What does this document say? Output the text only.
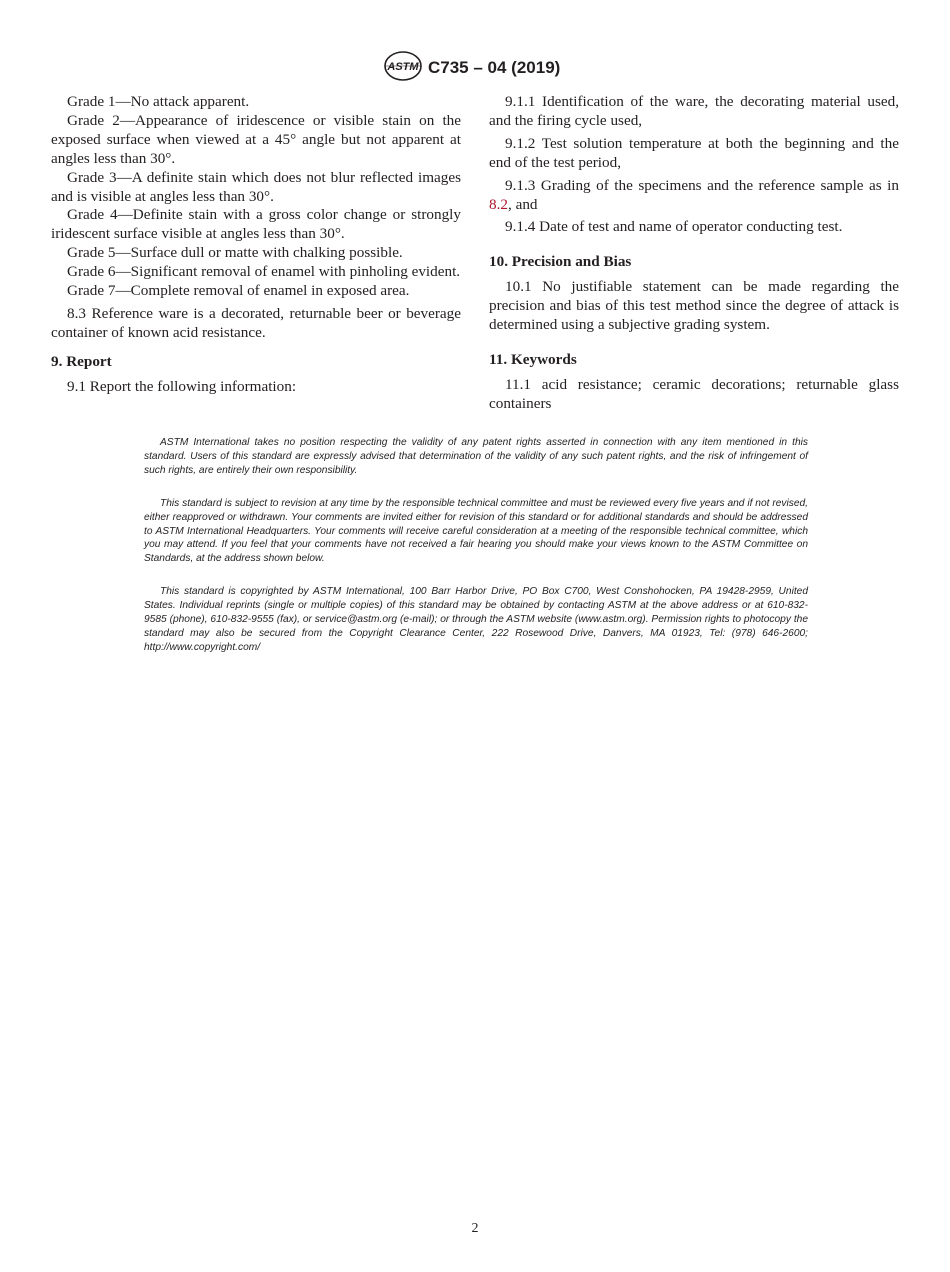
ASTM C735 – 04 (2019)

Grade 1—No attack apparent.

Grade 2—Appearance of iridescence or visible stain on the exposed surface when viewed at a 45° angle but not apparent at angles less than 30°.

Grade 3—A definite stain which does not blur reflected images and is visible at angles less than 30°.

Grade 4—Definite stain with a gross color change or strongly iridescent surface visible at angles less than 30°.

Grade 5—Surface dull or matte with chalking possible.

Grade 6—Significant removal of enamel with pinholing evident.

Grade 7—Complete removal of enamel in exposed area.

8.3 Reference ware is a decorated, returnable beer or beverage container of known acid resistance.

9. Report

9.1 Report the following information:

9.1.1 Identification of the ware, the decorating material used, and the firing cycle used,

9.1.2 Test solution temperature at both the beginning and the end of the test period,

9.1.3 Grading of the specimens and the reference sample as in 8.2, and

9.1.4 Date of test and name of operator conducting test.

10. Precision and Bias

10.1 No justifiable statement can be made regarding the precision and bias of this test method since the degree of attack is determined using a subjective grading system.

11. Keywords

11.1 acid resistance; ceramic decorations; returnable glass containers

ASTM International takes no position respecting the validity of any patent rights asserted in connection with any item mentioned in this standard. Users of this standard are expressly advised that determination of the validity of any such patent rights, and the risk of infringement of such rights, are entirely their own responsibility.

This standard is subject to revision at any time by the responsible technical committee and must be reviewed every five years and if not revised, either reapproved or withdrawn. Your comments are invited either for revision of this standard or for additional standards and should be addressed to ASTM International Headquarters. Your comments will receive careful consideration at a meeting of the responsible technical committee, which you may attend. If you feel that your comments have not received a fair hearing you should make your views known to the ASTM Committee on Standards, at the address shown below.

This standard is copyrighted by ASTM International, 100 Barr Harbor Drive, PO Box C700, West Conshohocken, PA 19428-2959, United States. Individual reprints (single or multiple copies) of this standard may be obtained by contacting ASTM at the above address or at 610-832-9585 (phone), 610-832-9555 (fax), or service@astm.org (e-mail); or through the ASTM website (www.astm.org). Permission rights to photocopy the standard may also be secured from the Copyright Clearance Center, 222 Rosewood Drive, Danvers, MA 01923, Tel: (978) 646-2600; http://www.copyright.com/

2
